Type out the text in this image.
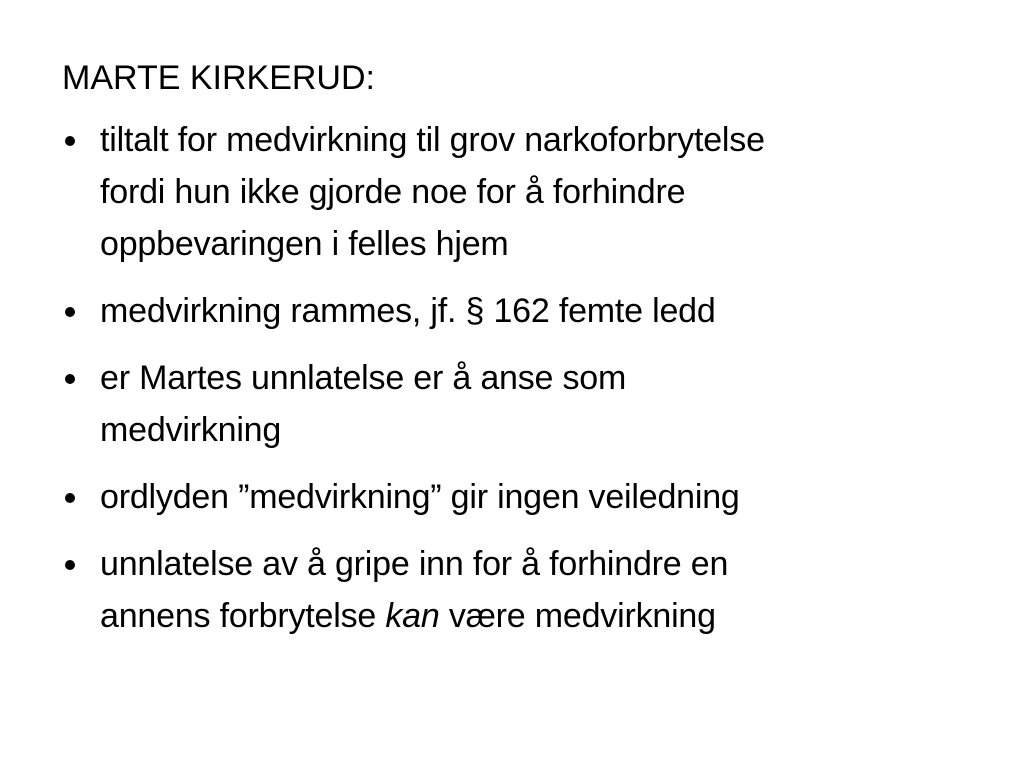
MARTE KIRKERUD:
tiltalt for medvirkning til grov narkoforbrytelse
fordi hun ikke gjorde noe for å forhindre
oppbevaringen i felles hjem
medvirkning rammes, jf. § 162 femte ledd
er Martes unnlatelse er å anse som
medvirkning
ordlyden ”medvirkning” gir ingen veiledning
unnlatelse av å gripe inn for å forhindre en
annens forbrytelse kan være medvirkning
